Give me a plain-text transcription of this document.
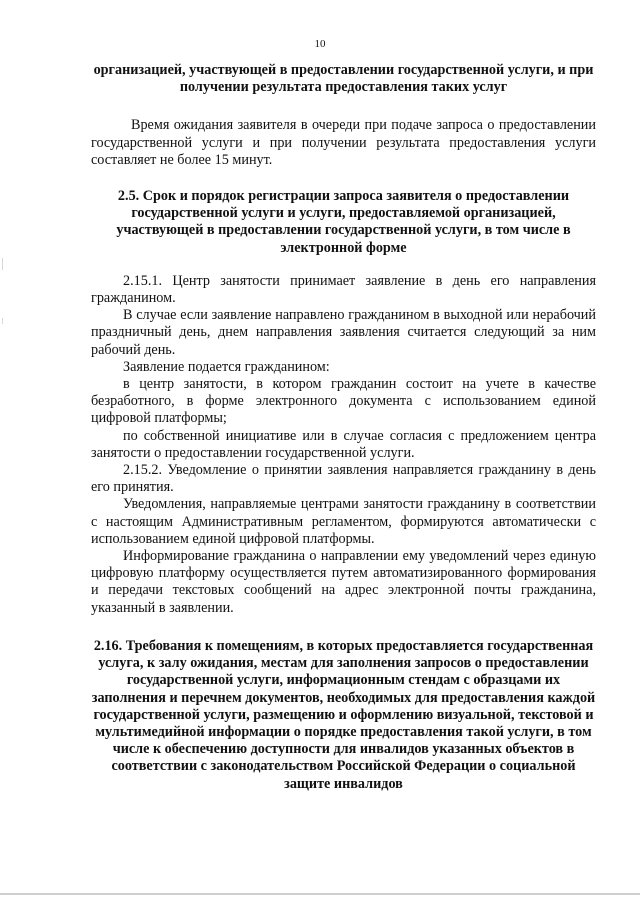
10

организацией, участвующей в предоставлении государственной услуги, и при получении результата предоставления таких услуг

Время ожидания заявителя в очереди при подаче запроса о предоставлении государственной услуги и при получении результата предоставления услуги составляет не более 15 минут.

2.5. Срок и порядок регистрации запроса заявителя о предоставлении государственной услуги и услуги, предоставляемой организацией, участвующей в предоставлении государственной услуги, в том числе в электронной форме

2.15.1. Центр занятости принимает заявление в день его направления гражданином.

В случае если заявление направлено гражданином в выходной или нерабочий праздничный день, днем направления заявления считается следующий за ним рабочий день.

Заявление подается гражданином:

в центр занятости, в котором гражданин состоит на учете в качестве безработного, в форме электронного документа с использованием единой цифровой платформы;

по собственной инициативе или в случае согласия с предложением центра занятости о предоставлении государственной услуги.

2.15.2. Уведомление о принятии заявления направляется гражданину в день его принятия.

Уведомления, направляемые центрами занятости гражданину в соответствии с настоящим Административным регламентом, формируются автоматически с использованием единой цифровой платформы.

Информирование гражданина о направлении ему уведомлений через единую цифровую платформу осуществляется путем автоматизированного формирования и передачи текстовых сообщений на адрес электронной почты гражданина, указанный в заявлении.

2.16. Требования к помещениям, в которых предоставляется государственная услуга, к залу ожидания, местам для заполнения запросов о предоставлении государственной услуги, информационным стендам с образцами их заполнения и перечнем документов, необходимых для предоставления каждой государственной услуги, размещению и оформлению визуальной, текстовой и мультимедийной информации о порядке предоставления такой услуги, в том числе к обеспечению доступности для инвалидов указанных объектов в соответствии с законодательством Российской Федерации о социальной защите инвалидов
